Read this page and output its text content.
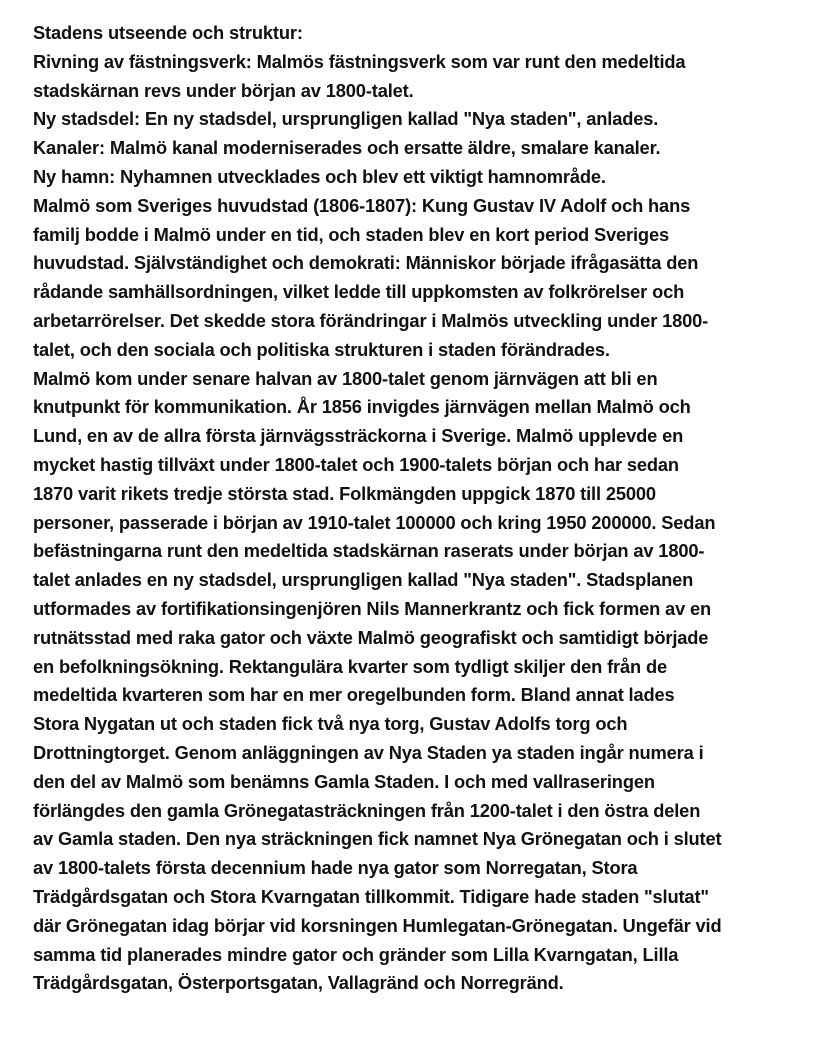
Stadens utseende och struktur:
Rivning av fästningsverk: Malmös fästningsverk som var runt den medeltida
stadskärnan revs under början av 1800-talet.
Ny stadsdel: En ny stadsdel, ursprungligen kallad "Nya staden", anlades.
Kanaler: Malmö kanal moderniserades och ersatte äldre, smalare kanaler.
Ny hamn: Nyhamnen utvecklades och blev ett viktigt hamnområde.
Malmö som Sveriges huvudstad (1806-1807): Kung Gustav IV Adolf och hans
familj bodde i Malmö under en tid, och staden blev en kort period Sveriges
huvudstad. Självständighet och demokrati: Människor började ifrågasätta den
rådande samhällsordningen, vilket ledde till uppkomsten av folkrörelser och
arbetarrörelser. Det skedde stora förändringar i Malmös utveckling under 1800-
talet, och den sociala och politiska strukturen i staden förändrades.
Malmö kom under senare halvan av 1800-talet genom järnvägen att bli en
knutpunkt för kommunikation. År 1856 invigdes järnvägen mellan Malmö och
Lund, en av de allra första järnvägssträckorna i Sverige. Malmö upplevde en
mycket hastig tillväxt under 1800-talet och 1900-talets början och har sedan
1870 varit rikets tredje största stad. Folkmängden uppgick 1870 till 25000
personer, passerade i början av 1910-talet 100000 och kring 1950 200000. Sedan
befästningarna runt den medeltida stadskärnan raserats under början av 1800-
talet anlades en ny stadsdel, ursprungligen kallad "Nya staden". Stadsplanen
utformades av fortifikationsingenjören Nils Mannerkrantz och fick formen av en
rutnätsstad med raka gator och växte Malmö geografiskt och samtidigt började
en befolkningsökning. Rektangulära kvarter som tydligt skiljer den från de
medeltida kvarteren som har en mer oregelbunden form. Bland annat lades
Stora Nygatan ut och staden fick två nya torg, Gustav Adolfs torg och
Drottningtorget. Genom anläggningen av Nya Staden ya staden ingår numera i
den del av Malmö som benämns Gamla Staden. I och med vallraseringen
förlängdes den gamla Grönegatasträckningen från 1200-talet i den östra delen
av Gamla staden. Den nya sträckningen fick namnet Nya Grönegatan och i slutet
av 1800-talets första decennium hade nya gator som Norregatan, Stora
Trädgårdsgatan och Stora Kvarngatan tillkommit. Tidigare hade staden "slutat"
där Grönegatan idag börjar vid korsningen Humlegatan-Grönegatan. Ungefär vid
samma tid planerades mindre gator och gränder som Lilla Kvarngatan, Lilla
Trädgårdsgatan, Österportsgatan, Vallagränd och Norregränd.
